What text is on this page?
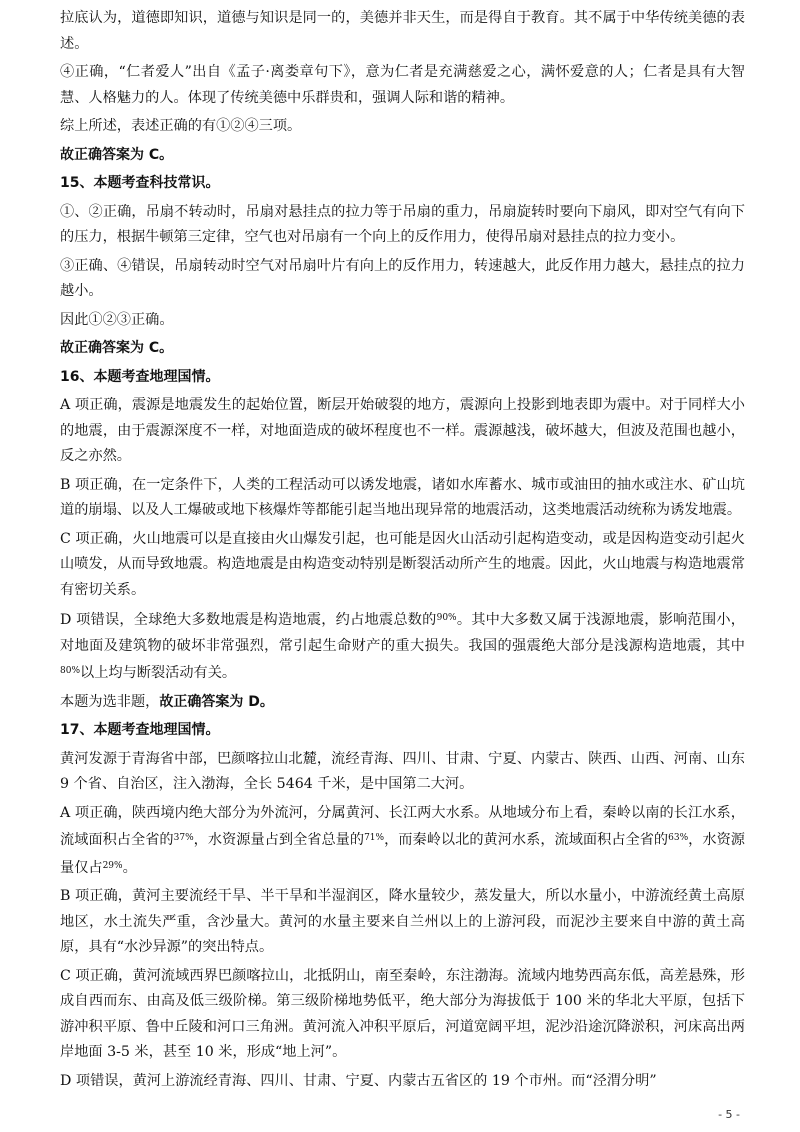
拉底认为，道德即知识，道德与知识是同一的，美德并非天生，而是得自于教育。其不属于中华传统美德的表述。

④正确，“仁者爱人”出自《孟子·离娄章句下》，意为仁者是充满慈爱之心，满怀爱意的人；仁者是具有大智慧、人格魅力的人。体现了传统美德中乐群贵和，强调人际和谐的精神。

综上所述，表述正确的有①②④三项。

故正确答案为 C。

15、本题考查科技常识。

①、②正确，吊扇不转动时，吊扇对悬挂点的拉力等于吊扇的重力，吊扇旋转时要向下扇风，即对空气有向下的压力，根据牛顿第三定律，空气也对吊扇有一个向上的反作用力，使得吊扇对悬挂点的拉力变小。

③正确、④错误，吊扇转动时空气对吊扇叶片有向上的反作用力，转速越大，此反作用力越大，悬挂点的拉力越小。

因此①②③正确。

故正确答案为 C。

16、本题考查地理国情。

A 项正确，震源是地震发生的起始位置，断层开始破裂的地方，震源向上投影到地表即为震中。对于同样大小的地震，由于震源深度不一样，对地面造成的破坏程度也不一样。震源越浅，破坏越大，但波及范围也越小，反之亦然。

B 项正确，在一定条件下，人类的工程活动可以诱发地震，诸如水库蓄水、城市或油田的抽水或注水、矿山坑道的崩塌、以及人工爆破或地下核爆炸等都能引起当地出现异常的地震活动，这类地震活动统称为诱发地震。

C 项正确，火山地震可以是直接由火山爆发引起，也可能是因火山活动引起构造变动，或是因构造变动引起火山喷发，从而导致地震。构造地震是由构造变动特别是断裂活动所产生的地震。因此，火山地震与构造地震常有密切关系。

D 项错误，全球绝大多数地震是构造地震，约占地震总数的$^{90\%}$。其中大多数又属于浅源地震，影响范围小，对地面及建筑物的破坏非常强烈，常引起生命财产的重大损失。我国的强震绝大部分是浅源构造地震，其中$^{80\%}$以上均与断裂活动有关。

本题为选非题，故正确答案为 D。

17、本题考查地理国情。

黄河发源于青海省中部，巴颜喀拉山北麓，流经青海、四川、甘肃、宁夏、内蒙古、陕西、山西、河南、山东 9 个省、自治区，注入渤海，全长 5464 千米，是中国第二大河。

A 项正确，陕西境内绝大部分为外流河，分属黄河、长江两大水系。从地域分布上看，秦岭以南的长江水系，流域面积占全省的$^{37\%}$，水资源量占到全省总量的$^{71\%}$，而秦岭以北的黄河水系，流域面积占全省的$^{63\%}$，水资源量仅占$^{29\%}$。

B 项正确，黄河主要流经干旱、半干旱和半湿润区，降水量较少，蒸发量大，所以水量小，中游流经黄土高原地区，水土流失严重，含沙量大。黄河的水量主要来自兰州以上的上游河段，而泥沙主要来自中游的黄土高原，具有“水沙异源”的突出特点。

C 项正确，黄河流域西界巴颜喀拉山，北抵阴山，南至秦岭，东注渤海。流域内地势西高东低，高差悬殊，形成自西而东、由高及低三级阶梯。第三级阶梯地势低平，绝大部分为海拔低于 100 米的华北大平原，包括下游冲积平原、鲁中丘陵和河口三角洲。黄河流入冲积平原后，河道宽阔平坦，泥沙沿途沉降淤积，河床高出两岸地面 3-5 米，甚至 10 米，形成“地上河”。

D 项错误，黄河上游流经青海、四川、甘肃、宁夏、内蒙古五省区的 19 个市州。而“泾渭分明”

- 5 -
